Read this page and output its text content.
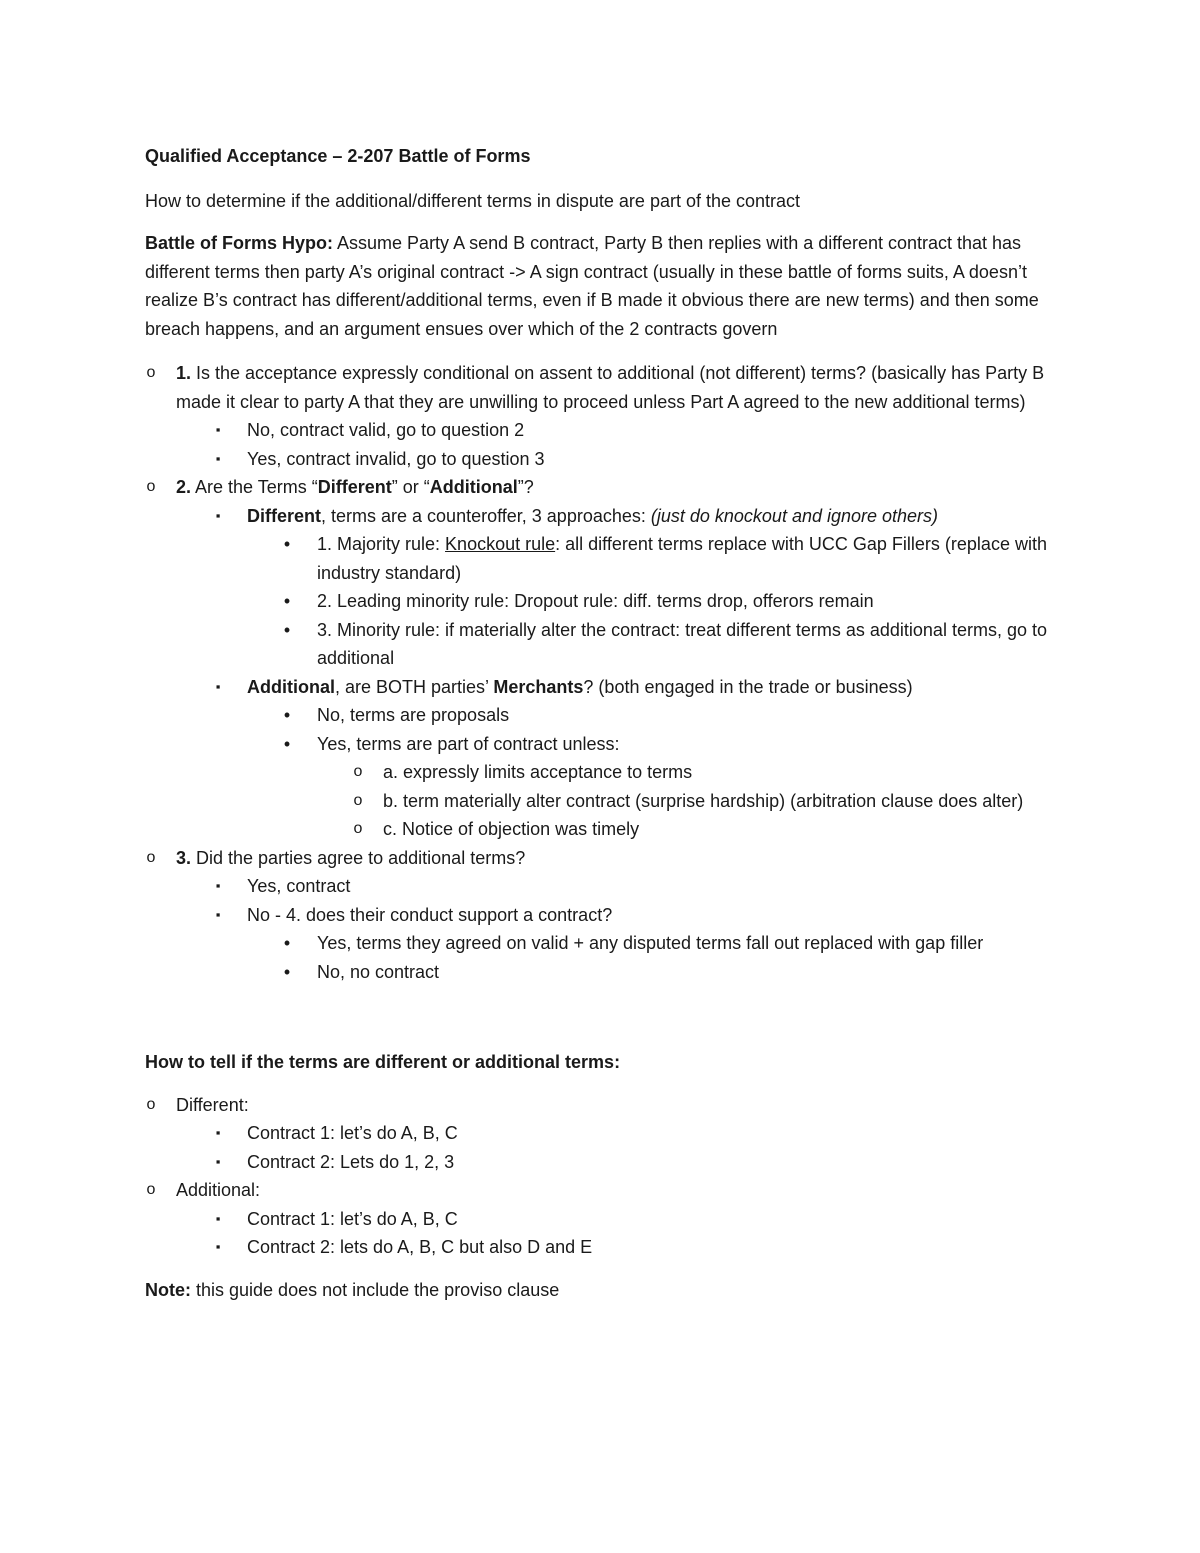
Qualified Acceptance – 2-207 Battle of Forms

How to determine if the additional/different terms in dispute are part of the contract

Battle of Forms Hypo: Assume Party A send B contract, Party B then replies with a different contract that has different terms then party A’s original contract -> A sign contract (usually in these battle of forms suits, A doesn’t realize B’s contract has different/additional terms, even if B made it obvious there are new terms) and then some breach happens, and an argument ensues over which of the 2 contracts govern

o	1. Is the acceptance expressly conditional on assent to additional (not different) terms? (basically has Party B made it clear to party A that they are unwilling to proceed unless Part A agreed to the new additional terms)
▪	No, contract valid, go to question 2
▪	Yes, contract invalid, go to question 3
o	2. Are the Terms “Different” or “Additional”?
▪	Different, terms are a counteroffer, 3 approaches: (just do knockout and ignore others)
•	1. Majority rule: Knockout rule: all different terms replace with UCC Gap Fillers (replace with industry standard)
•	2. Leading minority rule: Dropout rule: diff. terms drop, offerors remain
•	3. Minority rule: if materially alter the contract: treat different terms as additional terms, go to additional
▪	Additional, are BOTH parties’ Merchants? (both engaged in the trade or business)
•	No, terms are proposals
•	Yes, terms are part of contract unless:
o	a. expressly limits acceptance to terms
o	b. term materially alter contract (surprise hardship) (arbitration clause does alter)
o	c. Notice of objection was timely
o	3. Did the parties agree to additional terms?
▪	Yes, contract
▪	No - 4. does their conduct support a contract?
•	Yes, terms they agreed on valid + any disputed terms fall out replaced with gap filler
•	No, no contract

How to tell if the terms are different or additional terms:

o	Different:
▪	Contract 1: let’s do A, B, C
▪	Contract 2: Lets do 1, 2, 3
o	Additional:
▪	Contract 1: let’s do A, B, C
▪	Contract 2: lets do A, B, C but also D and E

Note: this guide does not include the proviso clause
